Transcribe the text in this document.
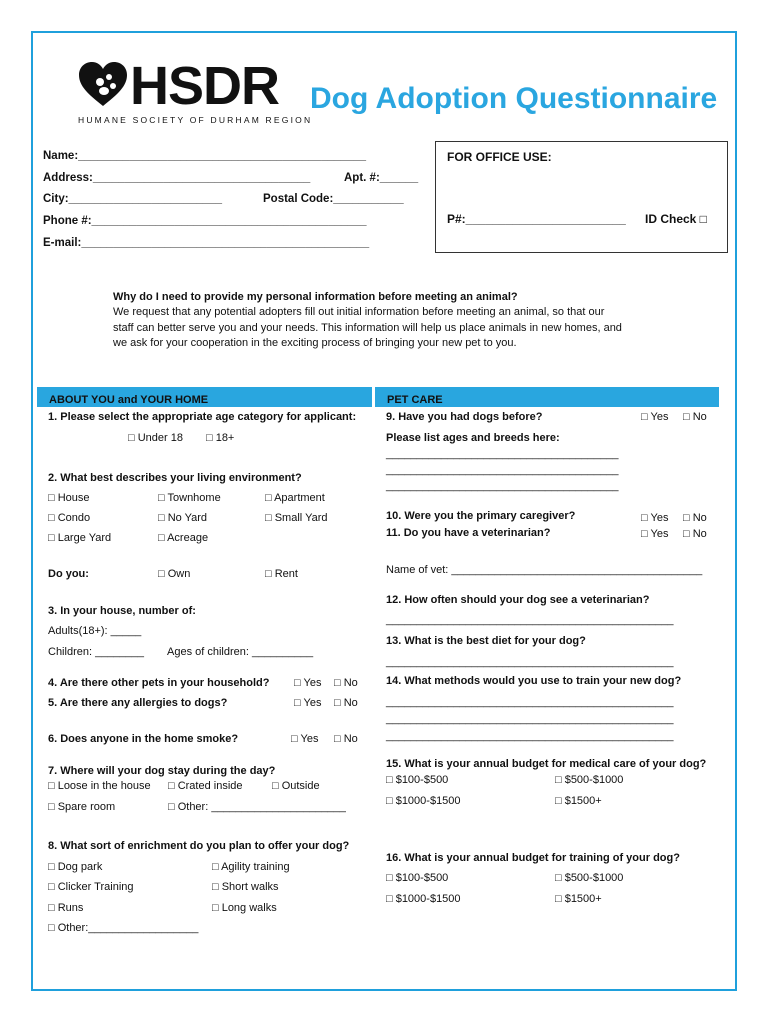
HSDR
HUMANE SOCIETY OF DURHAM REGION
Dog Adoption Questionnaire
Name:_____________________________________________
Address:__________________________________	Apt. #:______
City:________________________	Postal Code:___________
Phone #:___________________________________________
E-mail:_____________________________________________
FOR OFFICE USE:
P#:________________________ ID Check □
Why do I need to provide my personal information before meeting an animal?
We request that any potential adopters fill out initial information before meeting an animal, so that our
staff can better serve you and your needs. This information will help us place animals in new homes, and
we ask for your cooperation in the exciting process of bringing your new pet to you.
ABOUT YOU and YOUR HOME	PET CARE
1. Please select the appropriate age category for applicant:
□ Under 18 □ 18+
2. What best describes your living environment?
□ House	□ Townhome	□ Apartment
□ Condo	□ No Yard	□ Small Yard
□ Large Yard	□ Acreage
Do you:	□ Own	□ Rent
3. In your house, number of:
Adults(18+): _____
Children: ________ Ages of children: __________
4. Are there other pets in your household? □ Yes □ No
5. Are there any allergies to dogs?	□ Yes □ No
6. Does anyone in the home smoke?	□ Yes □ No
7. Where will your dog stay during the day?
□ Loose in the house □ Crated inside	□ Outside
□ Spare room	□ Other: ______________________
8. What sort of enrichment do you plan to offer your dog?
□ Dog park	□ Agility training
□ Clicker Training	□ Short walks
□ Runs	□ Long walks
□ Other:__________________
9. Have you had dogs before?	□ Yes □ No
Please list ages and breeds here:
______________________________________
______________________________________
______________________________________
10. Were you the primary caregiver?	□ Yes □ No
11. Do you have a veterinarian?	□ Yes □ No
Name of vet: _________________________________________
12. How often should your dog see a veterinarian?
_______________________________________________
13. What is the best diet for your dog?
_______________________________________________
14. What methods would you use to train your new dog?
_______________________________________________
_______________________________________________
_______________________________________________
15. What is your annual budget for medical care of your dog?
□ $100-$500	□ $500-$1000
□ $1000-$1500	□ $1500+
16. What is your annual budget for training of your dog?
□ $100-$500	□ $500-$1000
□ $1000-$1500	□ $1500+
